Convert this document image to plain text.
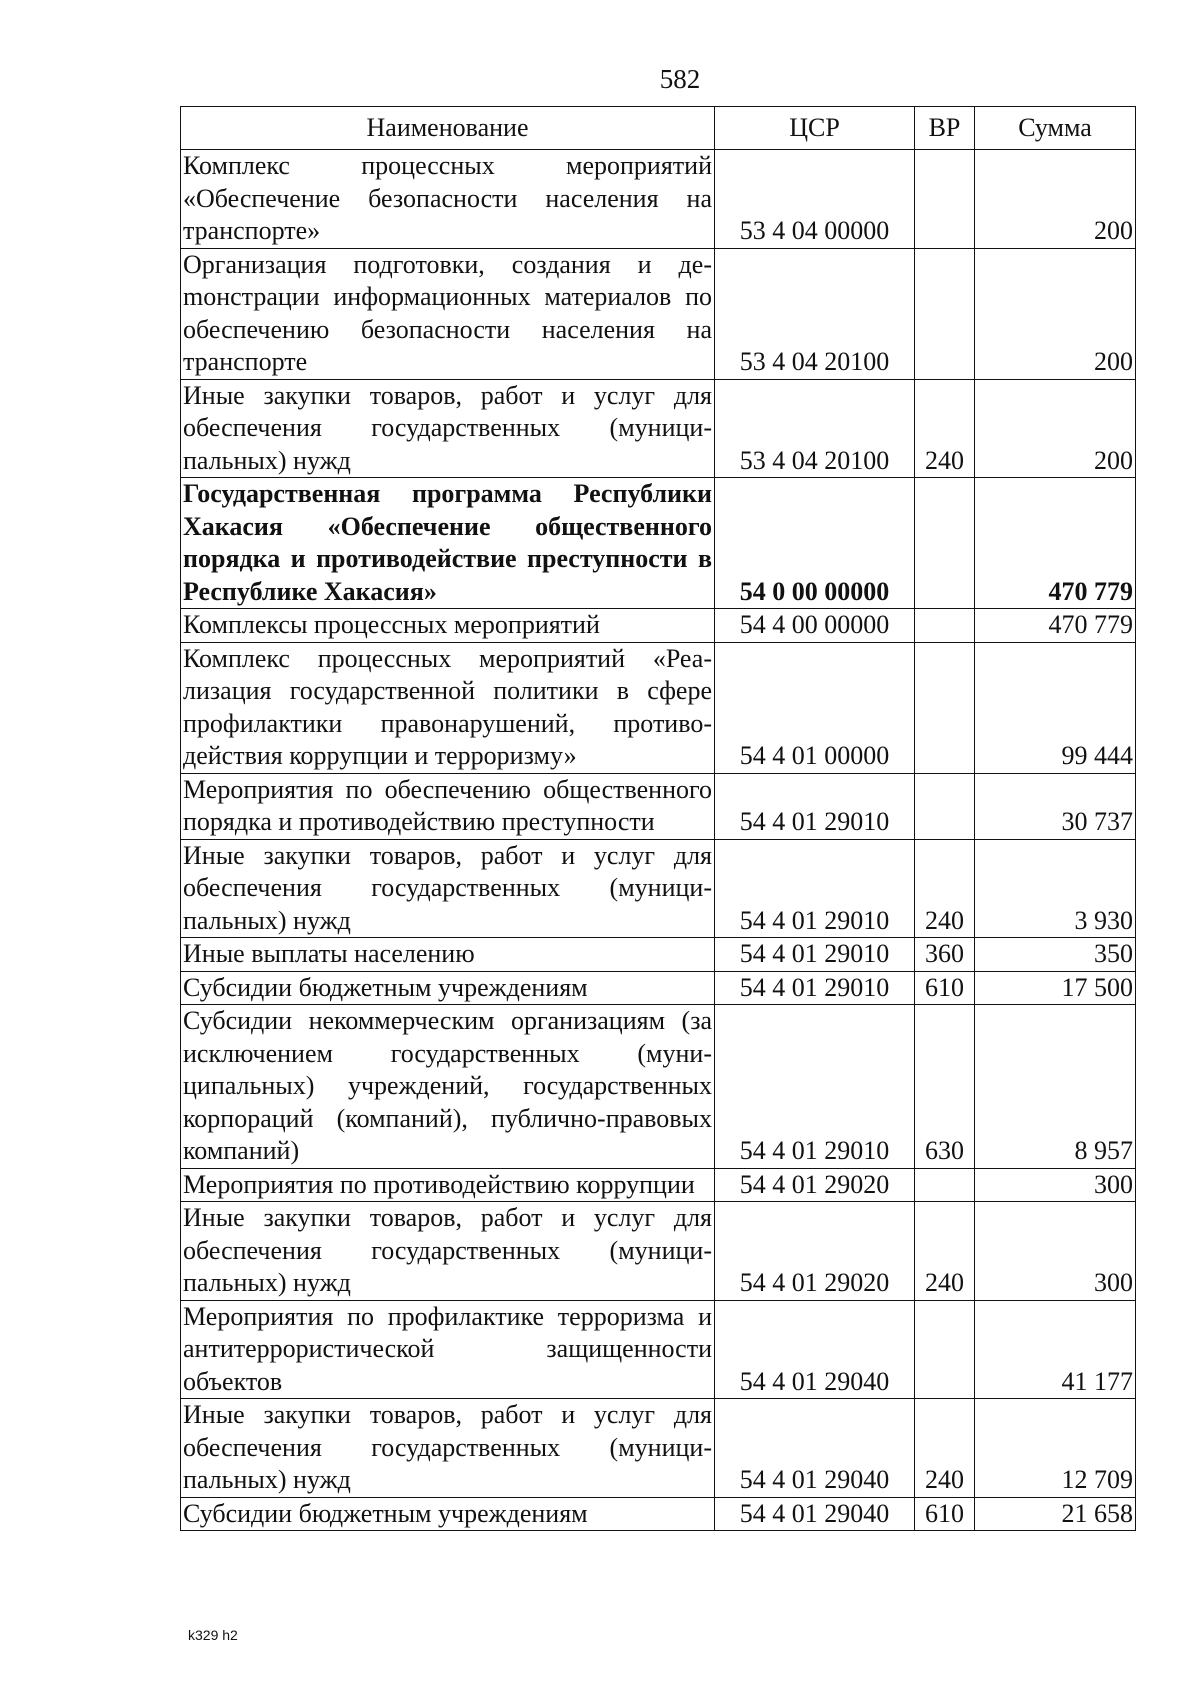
582
Наименование	ЦСР	ВР	Сумма
Комплекс процессных мероприятий «Обеспечение безопасности населения на транспорте»	53 4 04 00000		200
Организация подготовки, создания и деmонстрации информационных материалов по обеспечению безопасности населения на транспорте	53 4 04 20100		200
Иные закупки товаров, работ и услуг для обеспечения государственных (муниципальных) нужд	53 4 04 20100	240	200
Государственная программа Республики Хакасия «Обеспечение общественного порядка и противодействие преступности в Республике Хакасия»	54 0 00 00000		470 779
Комплексы процессных мероприятий	54 4 00 00000		470 779
Комплекс процессных мероприятий «Реализация государственной политики в сфере профилактики правонарушений, противодействия коррупции и терроризму»	54 4 01 00000		99 444
Мероприятия по обеспечению общественного порядка и противодействию преступности	54 4 01 29010		30 737
Иные закупки товаров, работ и услуг для обеспечения государственных (муниципальных) нужд	54 4 01 29010	240	3 930
Иные выплаты населению	54 4 01 29010	360	350
Субсидии бюджетным учреждениям	54 4 01 29010	610	17 500
Субсидии некоммерческим организациям (за исключением государственных (муниципальных) учреждений, государственных корпораций (компаний), публично-правовых компаний)	54 4 01 29010	630	8 957
Мероприятия по противодействию коррупции	54 4 01 29020		300
Иные закупки товаров, работ и услуг для обеспечения государственных (муниципальных) нужд	54 4 01 29020	240	300
Мероприятия по профилактике терроризма и антитеррористической защищенности объектов	54 4 01 29040		41 177
Иные закупки товаров, работ и услуг для обеспечения государственных (муниципальных) нужд	54 4 01 29040	240	12 709
Субсидии бюджетным учреждениям	54 4 01 29040	610	21 658
k329 h2
